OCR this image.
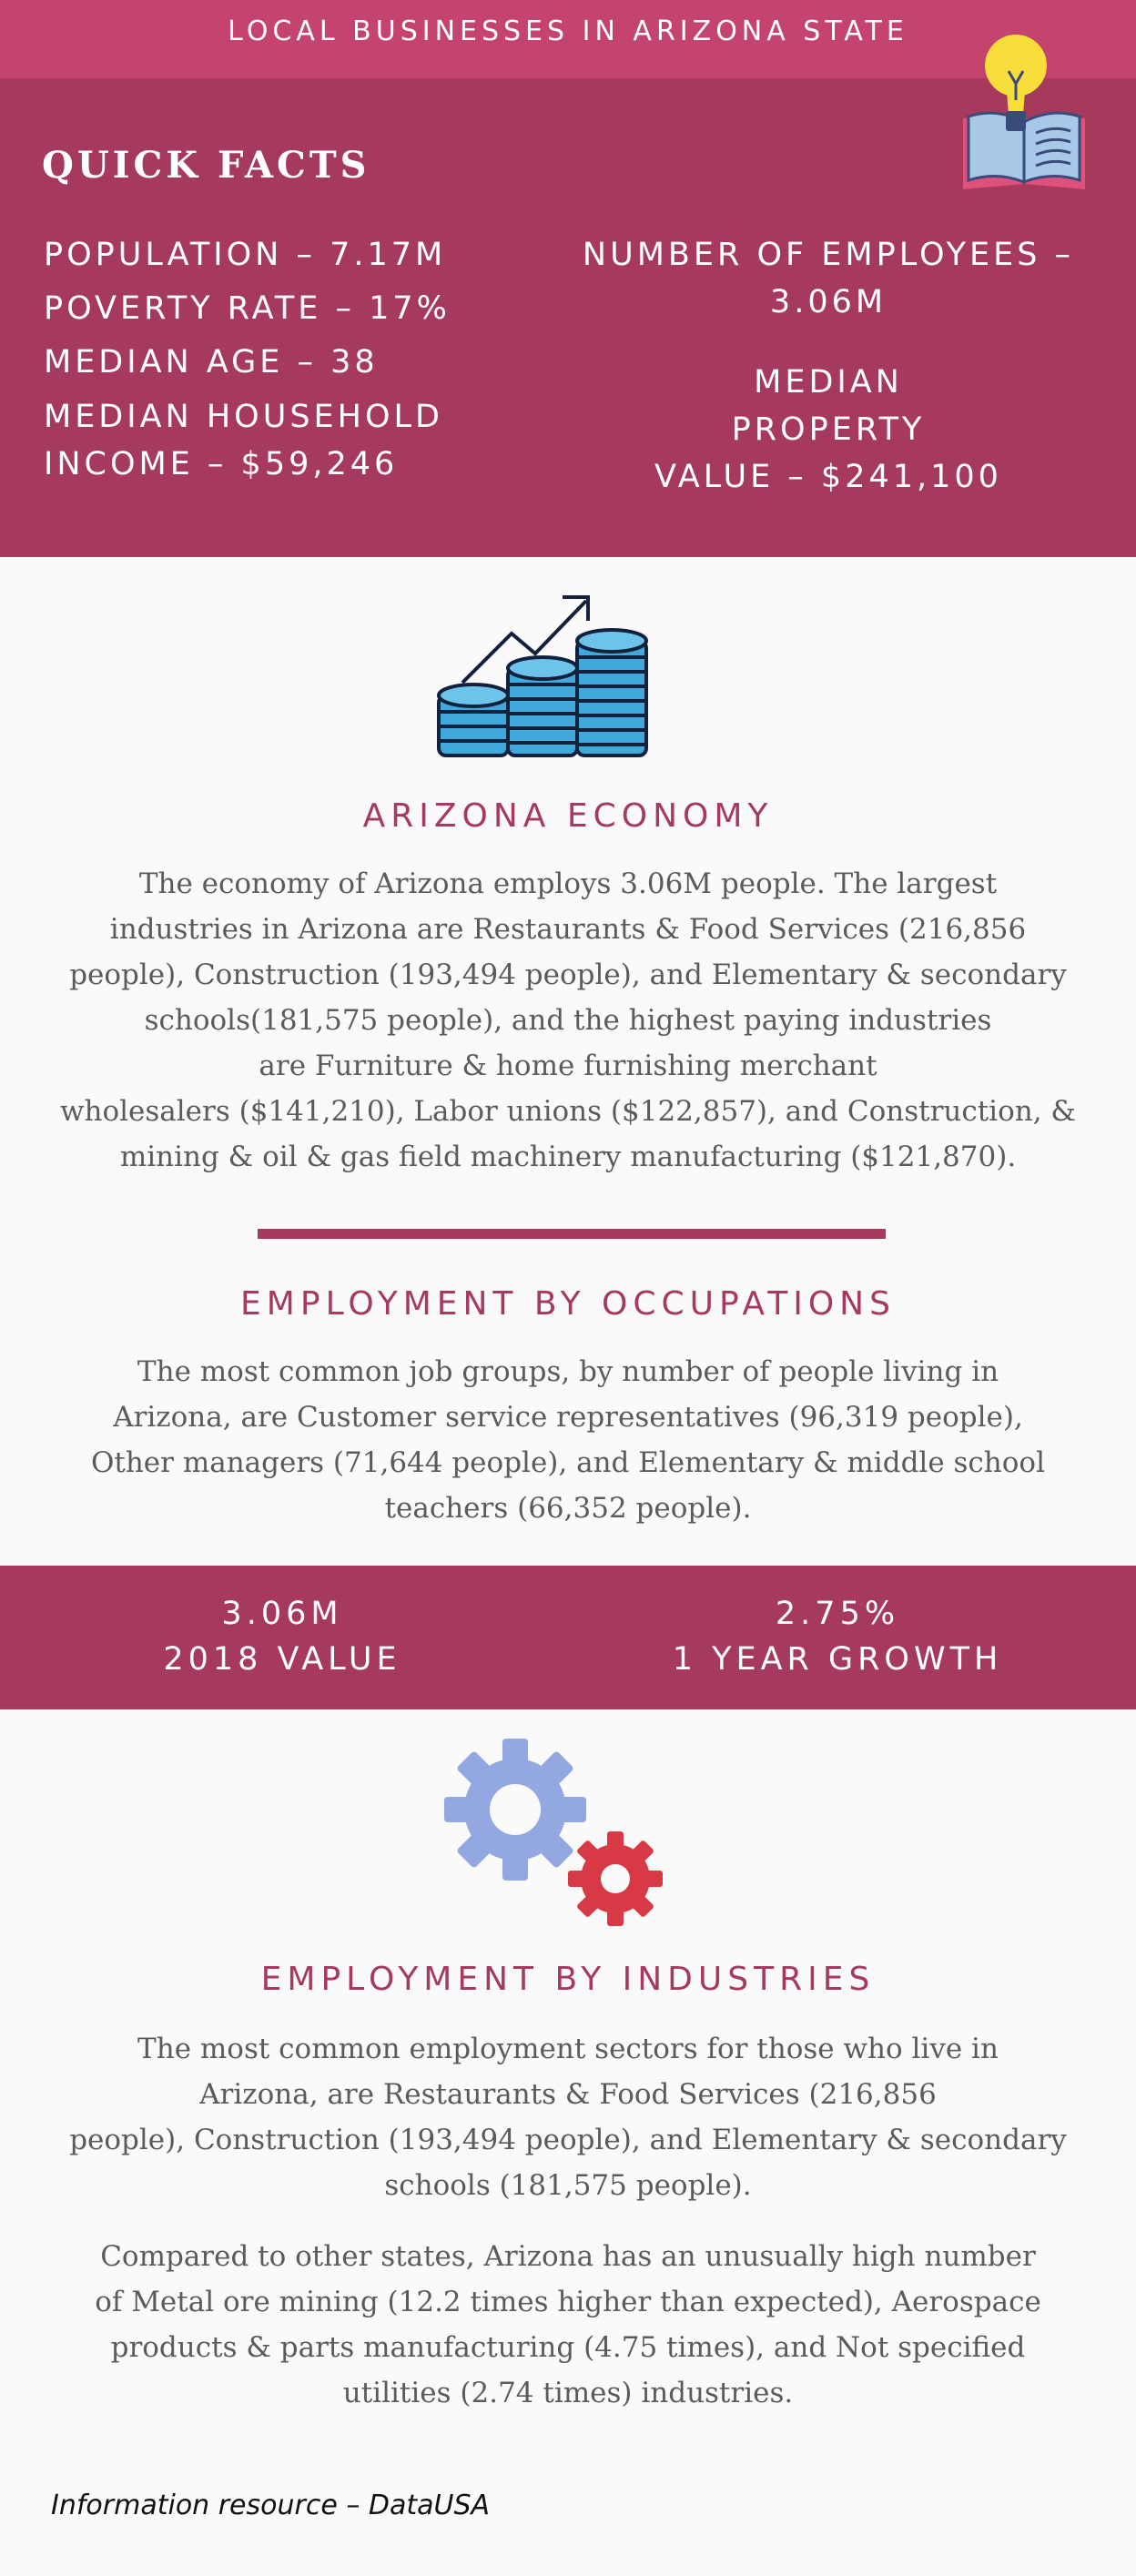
LOCAL BUSINESSES IN ARIZONA STATE
QUICK FACTS
POPULATION – 7.17M
POVERTY RATE – 17%
MEDIAN AGE – 38
MEDIAN HOUSEHOLD
INCOME – $59,246
NUMBER OF EMPLOYEES –
3.06M
MEDIAN
PROPERTY
VALUE – $241,100
ARIZONA ECONOMY
The economy of Arizona employs 3.06M people. The largest
industries in Arizona are Restaurants & Food Services (216,856
people), Construction (193,494 people), and Elementary & secondary
schools(181,575 people), and the highest paying industries
are Furniture & home furnishing merchant
wholesalers ($141,210), Labor unions ($122,857), and Construction, &
mining & oil & gas field machinery manufacturing ($121,870).
EMPLOYMENT BY OCCUPATIONS
The most common job groups, by number of people living in
Arizona, are Customer service representatives (96,319 people),
Other managers (71,644 people), and Elementary & middle school
teachers (66,352 people).
3.06M
2018 VALUE
2.75%
1 YEAR GROWTH
EMPLOYMENT BY INDUSTRIES
The most common employment sectors for those who live in
Arizona, are Restaurants & Food Services (216,856
people), Construction (193,494 people), and Elementary & secondary
schools (181,575 people).
Compared to other states, Arizona has an unusually high number
of Metal ore mining (12.2 times higher than expected), Aerospace
products & parts manufacturing (4.75 times), and Not specified
utilities (2.74 times) industries.
Information resource – DataUSA
